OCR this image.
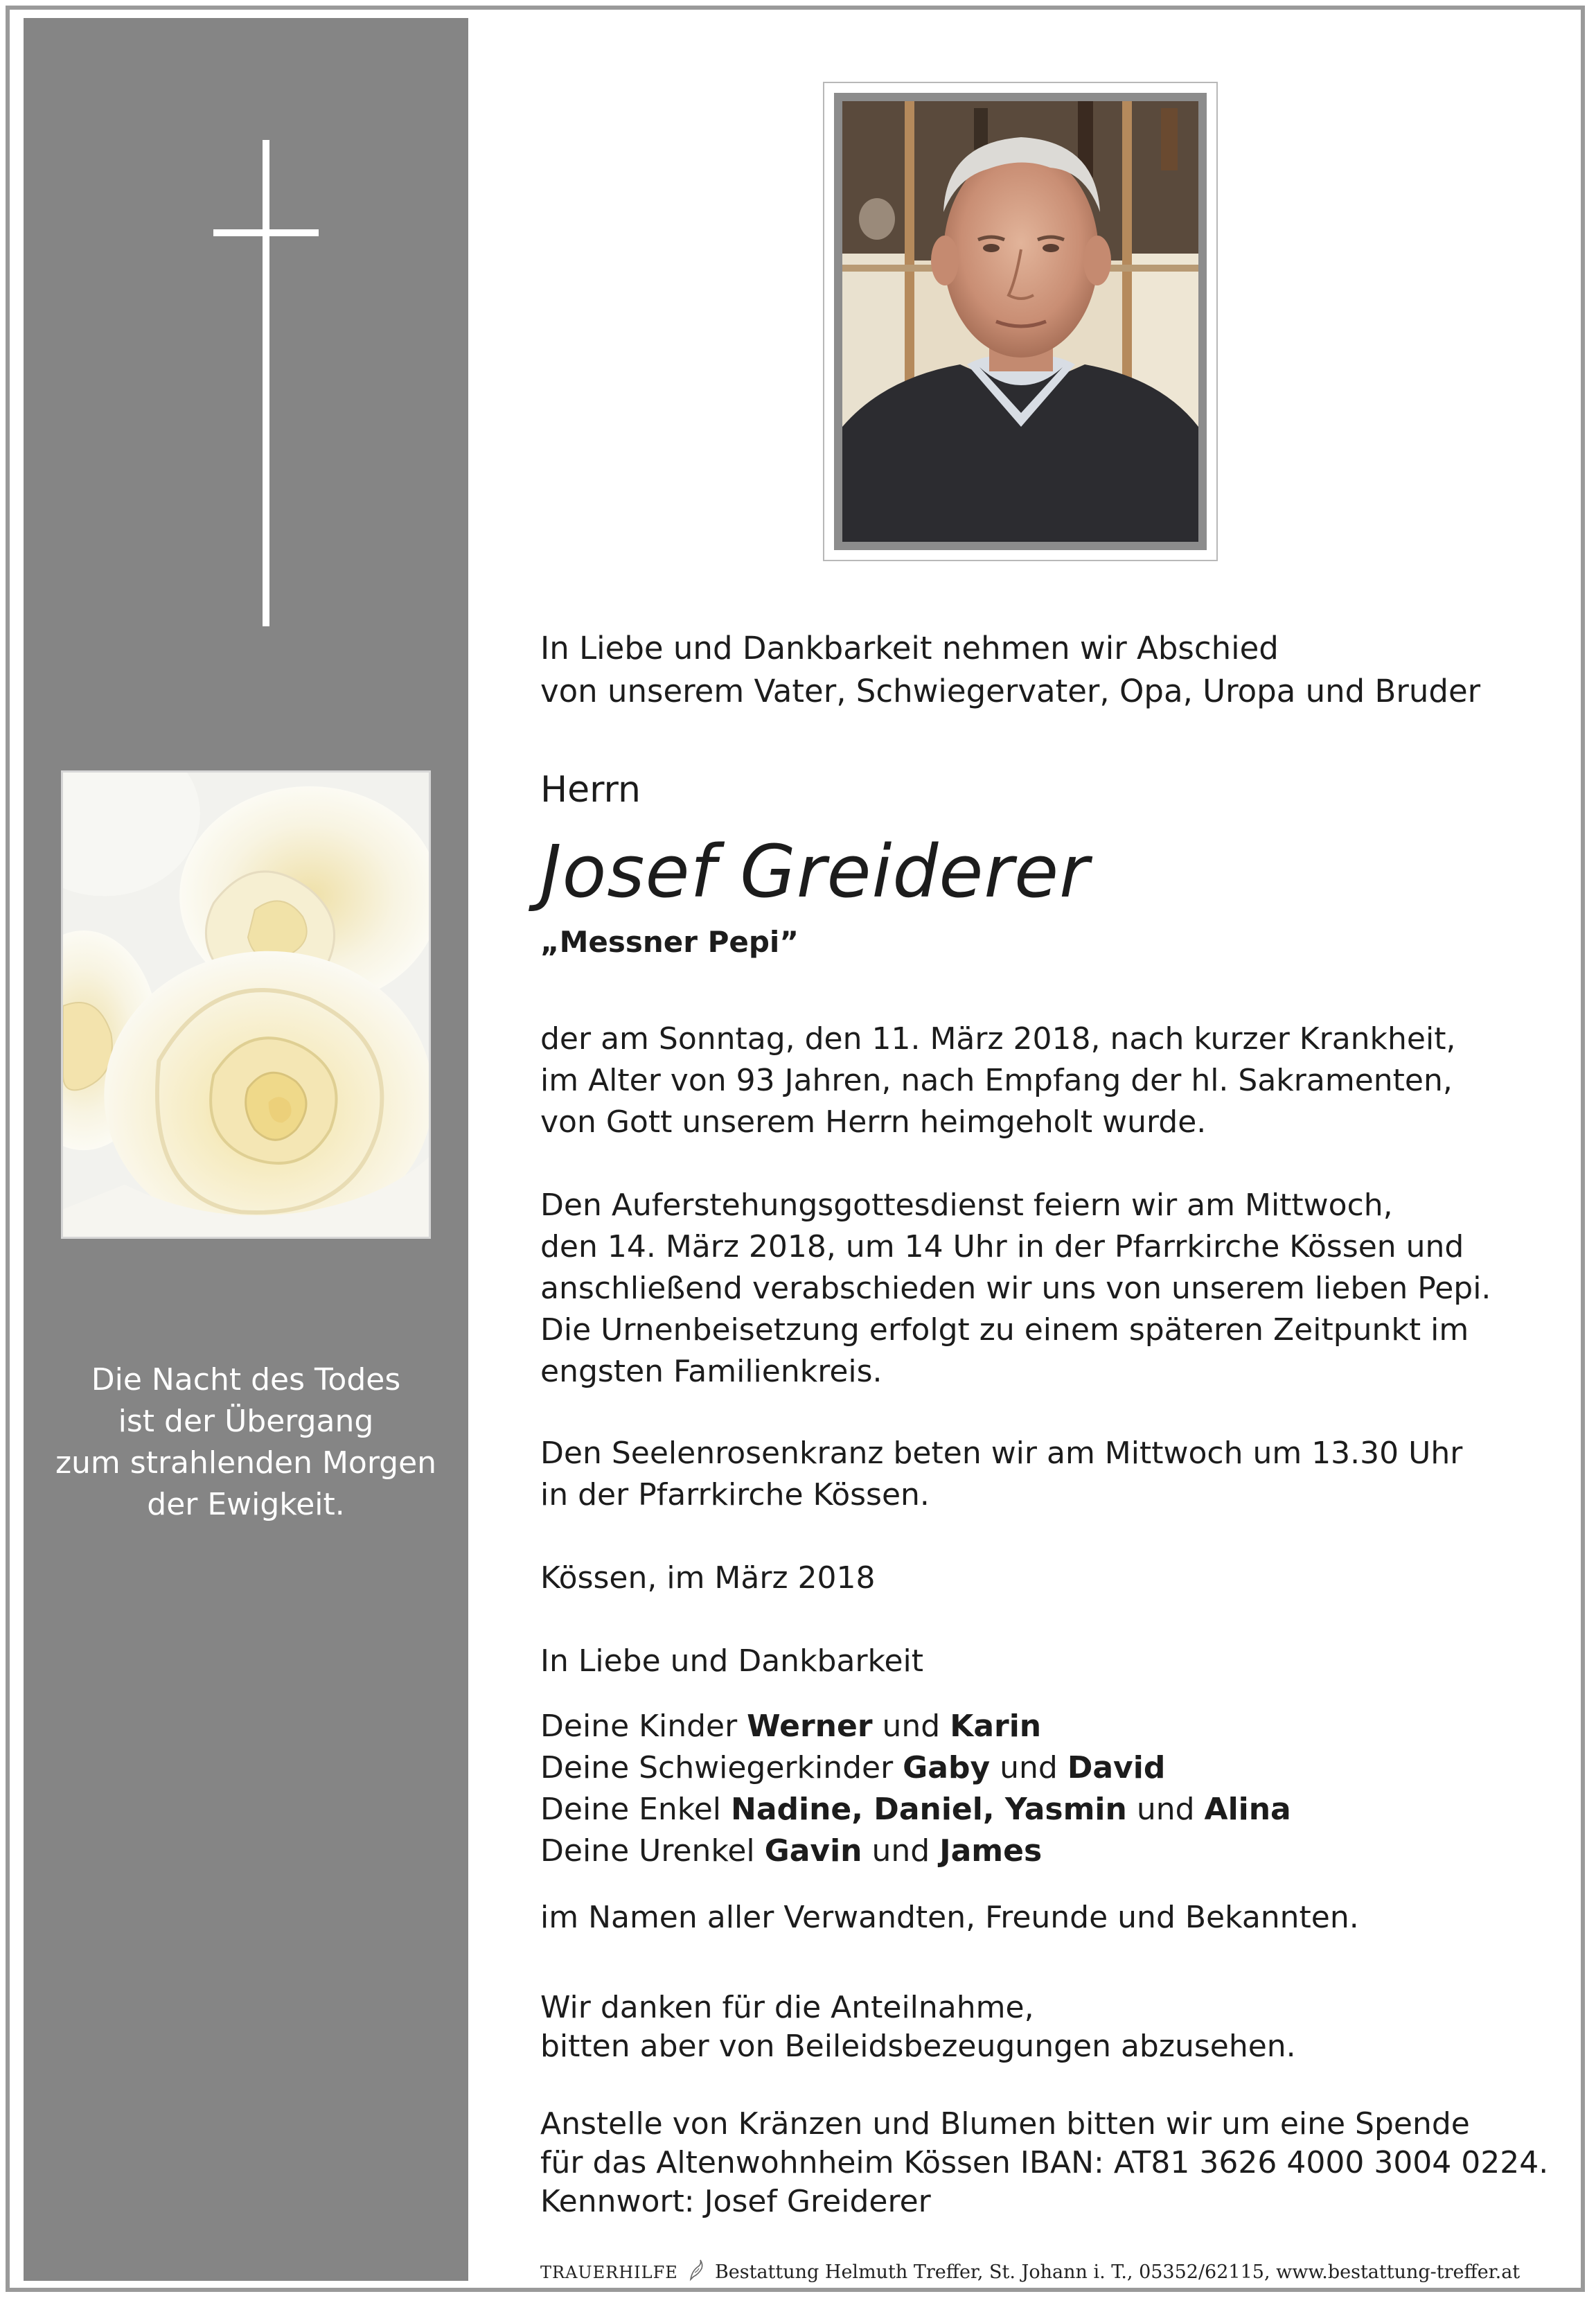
Die Nacht des Todes
ist der Übergang
zum strahlenden Morgen
der Ewigkeit.
In Liebe und Dankbarkeit nehmen wir Abschied
von unserem Vater, Schwiegervater, Opa, Uropa und Bruder
Herrn
Josef Greiderer
„Messner Pepi”
der am Sonntag, den 11. März 2018, nach kurzer Krankheit,
im Alter von 93 Jahren, nach Empfang der hl. Sakramenten,
von Gott unserem Herrn heimgeholt wurde.
Den Auferstehungsgottesdienst feiern wir am Mittwoch,
den 14. März 2018, um 14 Uhr in der Pfarrkirche Kössen und
anschließend verabschieden wir uns von unserem lieben Pepi.
Die Urnenbeisetzung erfolgt zu einem späteren Zeitpunkt im
engsten Familienkreis.
Den Seelenrosenkranz beten wir am Mittwoch um 13.30 Uhr
in der Pfarrkirche Kössen.
Kössen, im März 2018
In Liebe und Dankbarkeit
Deine Kinder Werner und Karin
Deine Schwiegerkinder Gaby und David
Deine Enkel Nadine, Daniel, Yasmin und Alina
Deine Urenkel Gavin und James
im Namen aller Verwandten, Freunde und Bekannten.
Wir danken für die Anteilnahme,
bitten aber von Beileidsbezeugungen abzusehen.
Anstelle von Kränzen und Blumen bitten wir um eine Spende
für das Altenwohnheim Kössen IBAN: AT81 3626 4000 3004 0224.
Kennwort: Josef Greiderer
TRAUERHILFE Bestattung Helmuth Treffer, St. Johann i. T., 05352/62115, www.bestattung-treffer.at
